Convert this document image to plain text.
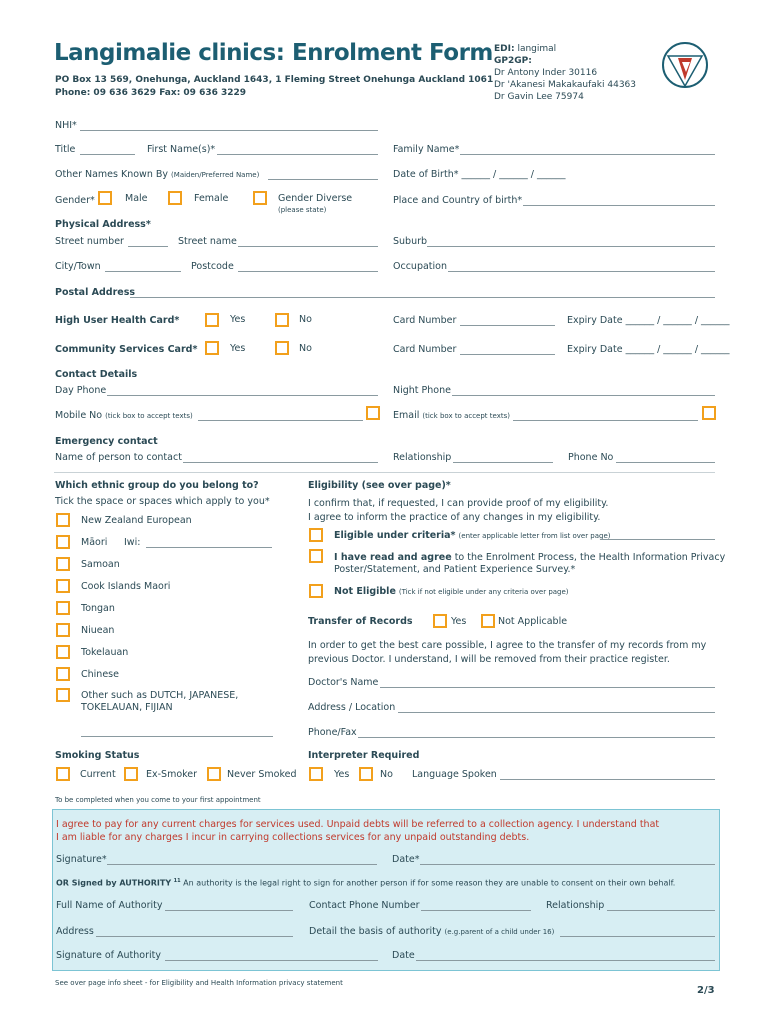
Langimalie clinics: Enrolment Form
PO Box 13 569, Onehunga, Auckland 1643, 1 Fleming Street Onehunga Auckland 1061
Phone: 09 636 3629 Fax: 09 636 3229
EDI: langimal
GP2GP:
Dr Antony Inder 30116
Dr 'Akanesi Makakaufaki 44363
Dr Gavin Lee 75974
NHI*
Title	First Name(s)*	Family Name*
Other Names Known By (Maiden/Preferred Name)	Date of Birth* ______ / ______ / ______
Gender*	Male	Female	Gender Diverse
(please state)
Place and Country of birth*
Physical Address*
Street number	Street name	Suburb
City/Town	Postcode	Occupation
Postal Address
High User Health Card*	Yes	No	Card Number	Expiry Date ______ / ______ / ______
Community Services Card*	Yes	No	Card Number	Expiry Date ______ / ______ / ______
Contact Details
Day Phone	Night Phone
Mobile No (tick box to accept texts)	Email (tick box to accept texts)
Emergency contact
Name of person to contact	Relationship	Phone No
Which ethnic group do you belong to?
Tick the space or spaces which apply to you*
New Zealand European
Māori Iwi:
Samoan
Cook Islands Maori
Tongan
Niuean
Tokelauan
Chinese
Other such as DUTCH, JAPANESE,
TOKELAUAN, FIJIAN
Eligibility (see over page)*
I confirm that, if requested, I can provide proof of my eligibility.
I agree to inform the practice of any changes in my eligibility.
Eligible under criteria* (enter applicable letter from list over page)
I have read and agree to the Enrolment Process, the Health Information Privacy
Poster/Statement, and Patient Experience Survey.*
Not Eligible (Tick if not eligible under any criteria over page)
Transfer of Records	Yes	Not Applicable
In order to get the best care possible, I agree to the transfer of my records from my
previous Doctor. I understand, I will be removed from their practice register.
Doctor's Name
Address / Location
Phone/Fax
Smoking Status
Current	Ex-Smoker	Never Smoked
Interpreter Required
Yes	No Language Spoken
To be completed when you come to your first appointment
I agree to pay for any current charges for services used. Unpaid debts will be referred to a collection agency. I understand that
I am liable for any charges I incur in carrying collections services for any unpaid outstanding debts.
Signature*	Date*
OR Signed by AUTHORITY $^{11}$ An authority is the legal right to sign for another person if for some reason they are unable to consent on their own behalf.
Full Name of Authority	Contact Phone Number	Relationship
Address	Detail the basis of authority (e.g.parent of a child under 16)
Signature of Authority	Date
See over page info sheet - for Eligibility and Health Information privacy statement
2/3
